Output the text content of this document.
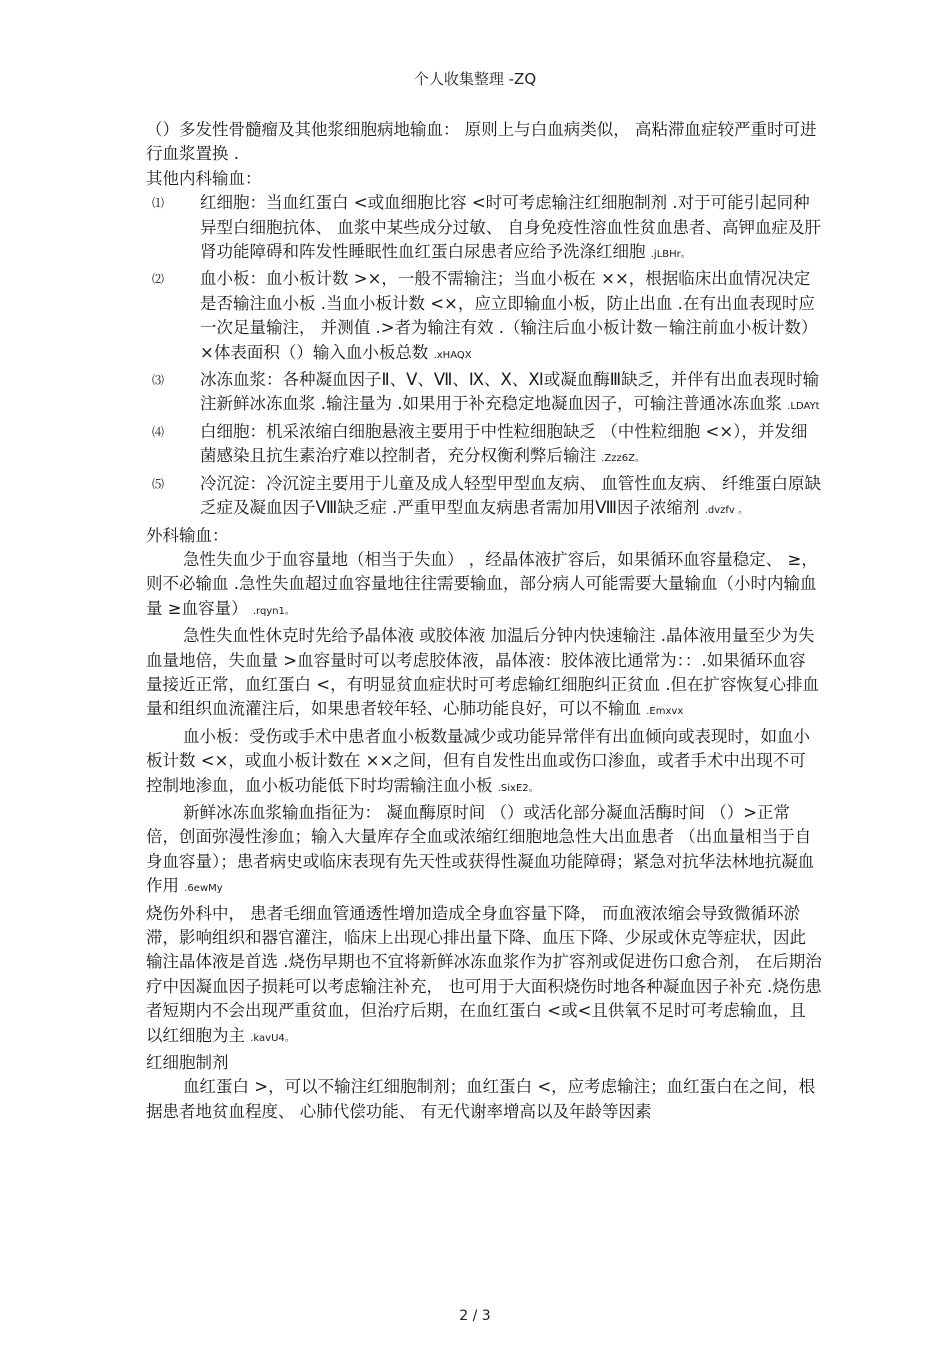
个人收集整理 -ZQ

（）多发性骨髓瘤及其他浆细胞病地输血： 原则上与白血病类似， 高粘滞血症较严重时可进行血浆置换 .

其他内科输血：

⑴	红细胞：当血红蛋白 <或血细胞比容 <时可考虑输注红细胞制剂 .对于可能引起同种异型白细胞抗体、 血浆中某些成分过敏、 自身免疫性溶血性贫血患者、高钾血症及肝肾功能障碍和阵发性睡眠性血红蛋白尿患者应给予洗涤红细胞 .jLBHr。
⑵	血小板：血小板计数 >×，一般不需输注；当血小板在 ××，根据临床出血情况决定是否输注血小板 .当血小板计数 <×，应立即输血小板，防止出血 .在有出血表现时应一次足量输注， 并测值 .>者为输注有效 .（输注后血小板计数－输注前血小板计数） ×体表面积（）输入血小板总数 .xHAQX
⑶	冰冻血浆：各种凝血因子Ⅱ、Ⅴ、Ⅶ、Ⅸ、Ⅹ、Ⅺ或凝血酶Ⅲ缺乏，并伴有出血表现时输注新鲜冰冻血浆 .输注量为 .如果用于补充稳定地凝血因子，可输注普通冰冻血浆 .LDAYt
⑷	白细胞：机采浓缩白细胞悬液主要用于中性粒细胞缺乏 （中性粒细胞 <×），并发细菌感染且抗生素治疗难以控制者，充分权衡利弊后输注 .Zzz6Z。
⑸	冷沉淀：冷沉淀主要用于儿童及成人轻型甲型血友病、 血管性血友病、 纤维蛋白原缺乏症及凝血因子Ⅷ缺乏症 .严重甲型血友病患者需加用Ⅷ因子浓缩剂 .dvzfv 。

外科输血：

急性失血少于血容量地（相当于失血） ，经晶体液扩容后，如果循环血容量稳定、 ≥，则不必输血 .急性失血超过血容量地往往需要输血，部分病人可能需要大量输血（小时内输血量 ≥血容量） .rqyn1。

急性失血性休克时先给予晶体液 或胶体液 加温后分钟内快速输注 .晶体液用量至少为失血量地倍，失血量 >血容量时可以考虑胶体液，晶体液：胶体液比通常为：：.如果循环血容量接近正常，血红蛋白 <，有明显贫血症状时可考虑输红细胞纠正贫血 .但在扩容恢复心排血量和组织血流灌注后，如果患者较年轻、心肺功能良好，可以不输血 .Emxvx

血小板：受伤或手术中患者血小板数量减少或功能异常伴有出血倾向或表现时，如血小板计数 <×，或血小板计数在 ××之间，但有自发性出血或伤口渗血，或者手术中出现不可控制地渗血，血小板功能低下时均需输注血小板 .SixE2。

新鲜冰冻血浆输血指征为： 凝血酶原时间 （）或活化部分凝血活酶时间 （）>正常倍，创面弥漫性渗血；输入大量库存全血或浓缩红细胞地急性大出血患者 （出血量相当于自身血容量）；患者病史或临床表现有先天性或获得性凝血功能障碍；紧急对抗华法林地抗凝血作用 .6ewMy

烧伤外科中， 患者毛细血管通透性增加造成全身血容量下降， 而血液浓缩会导致微循环淤滞，影响组织和器官灌注，临床上出现心排出量下降、血压下降、少尿或休克等症状，因此输注晶体液是首选 .烧伤早期也不宜将新鲜冰冻血浆作为扩容剂或促进伤口愈合剂， 在后期治疗中因凝血因子损耗可以考虑输注补充， 也可用于大面积烧伤时地各种凝血因子补充 .烧伤患者短期内不会出现严重贫血，但治疗后期，在血红蛋白 <或<且供氧不足时可考虑输血，且以红细胞为主 .kavU4。

红细胞制剂

血红蛋白 >，可以不输注红细胞制剂；血红蛋白 <，应考虑输注；血红蛋白在之间，根据患者地贫血程度、 心肺代偿功能、 有无代谢率增高以及年龄等因素

2 / 3
